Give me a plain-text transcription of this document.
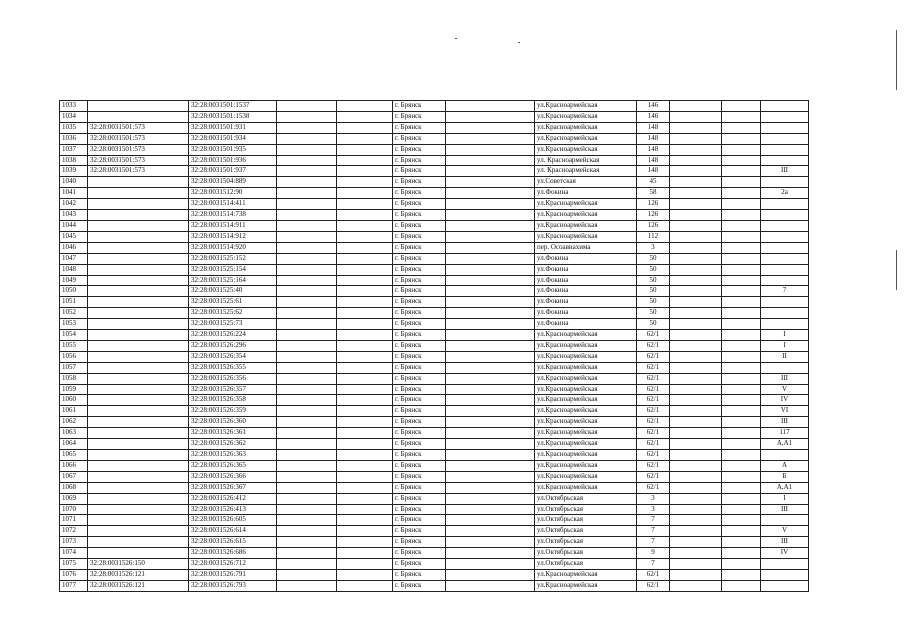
1033		32:28:0031501:1537			г. Брянск		ул.Красноармейская	146			
1034		32:28:0031501:1538			г. Брянск		ул.Красноармейская	146			
1035	32:28:0031501:573	32:28:0031501:931			г. Брянск		ул.Красноармейская	148			
1036	32:28:0031501:573	32:28:0031501:934			г. Брянск		ул.Красноармейская	148			
1037	32:28:0031501:573	32:28:0031501:935			г. Брянск		ул.Красноармейская	148			
1038	32:28:0031501:573	32:28:0031501:936			г. Брянск		ул. Красноармейская	148			
1039	32:28:0031501:573	32:28:0031501:937			г. Брянск		ул. Красноармейская	148			III
1040		32:28:0031504:889			г. Брянск		ул.Советская	45			
1041		32:28:0031512:90			г. Брянск		ул.Фокина	58			2а
1042		32:28:0031514:411			г. Брянск		ул.Красноармейская	126			
1043		32:28:0031514:738			г. Брянск		ул.Красноармейская	126			
1044		32:28:0031514:911			г. Брянск		ул.Красноармейская	126			
1045		32:28:0031514:912			г. Брянск		ул.Красноармейская	112			
1046		32:28:0031514:920			г. Брянск		пер. Осоавиахима	3			
1047		32:28:0031525:152			г. Брянск		ул.Фокина	50			
1048		32:28:0031525:154			г. Брянск		ул.Фокина	50			
1049		32:28:0031525:164			г. Брянск		ул.Фокина	50			
1050		32:28:0031525:40			г. Брянск		ул.Фокина	50			7
1051		32:28:0031525:61			г. Брянск		ул.Фокина	50			
1052		32:28:0031525:62			г. Брянск		ул.Фокина	50			
1053		32:28:0031525:73			г. Брянск		ул.Фокина	50			
1054		32:28:0031526:224			г. Брянск		ул.Красноармейская	62/1			I
1055		32:28:0031526:296			г. Брянск		ул.Красноармейская	62/1			I
1056		32:28:0031526:354			г. Брянск		ул.Красноармейская	62/1			II
1057		32:28:0031526:355			г. Брянск		ул.Красноармейская	62/1			
1058		32:28:0031526:356			г. Брянск		ул.Красноармейская	62/1			III
1059		32:28:0031526:357			г. Брянск		ул.Красноармейская	62/1			V
1060		32:28:0031526:358			г. Брянск		ул.Красноармейская	62/1			IV
1061		32:28:0031526:359			г. Брянск		ул.Красноармейская	62/1			VI
1062		32:28:0031526:360			г. Брянск		ул.Красноармейская	62/1			III
1063		32:28:0031526:361			г. Брянск		ул.Красноармейская	62/1			117
1064		32:28:0031526:362			г. Брянск		ул.Красноармейская	62/1			А,А1
1065		32:28:0031526:363			г. Брянск		ул.Красноармейская	62/1			
1066		32:28:0031526:365			г. Брянск		ул.Красноармейская	62/1			А
1067		32:28:0031526:366			г. Брянск		ул.Красноармейская	62/1			Б
1068		32:28:0031526:367			г. Брянск		ул.Красноармейская	62/1			А,А1
1069		32:28:0031526:412			г. Брянск		ул.Октябрьская	3			I
1070		32:28:0031526:413			г. Брянск		ул.Октябрьская	3			III
1071		32:28:0031526:605			г. Брянск		ул.Октябрьская	7			
1072		32:28:0031526:614			г. Брянск		ул.Октябрьская	7			V
1073		32:28:0031526:615			г. Брянск		ул.Октябрьская	7			III
1074		32:28:0031526:686			г. Брянск		ул.Октябрьская	9			IV
1075	32:28:0031526:150	32:28:0031526:712			г. Брянск		ул.Октябрьская	7			
1076	32:28:0031526:121	32:28:0031526:791			г. Брянск		ул.Красноармейская	62/1			
1077	32:28:0031526:121	32:28:0031526:793			г. Брянск		ул.Красноармейская	62/1			
